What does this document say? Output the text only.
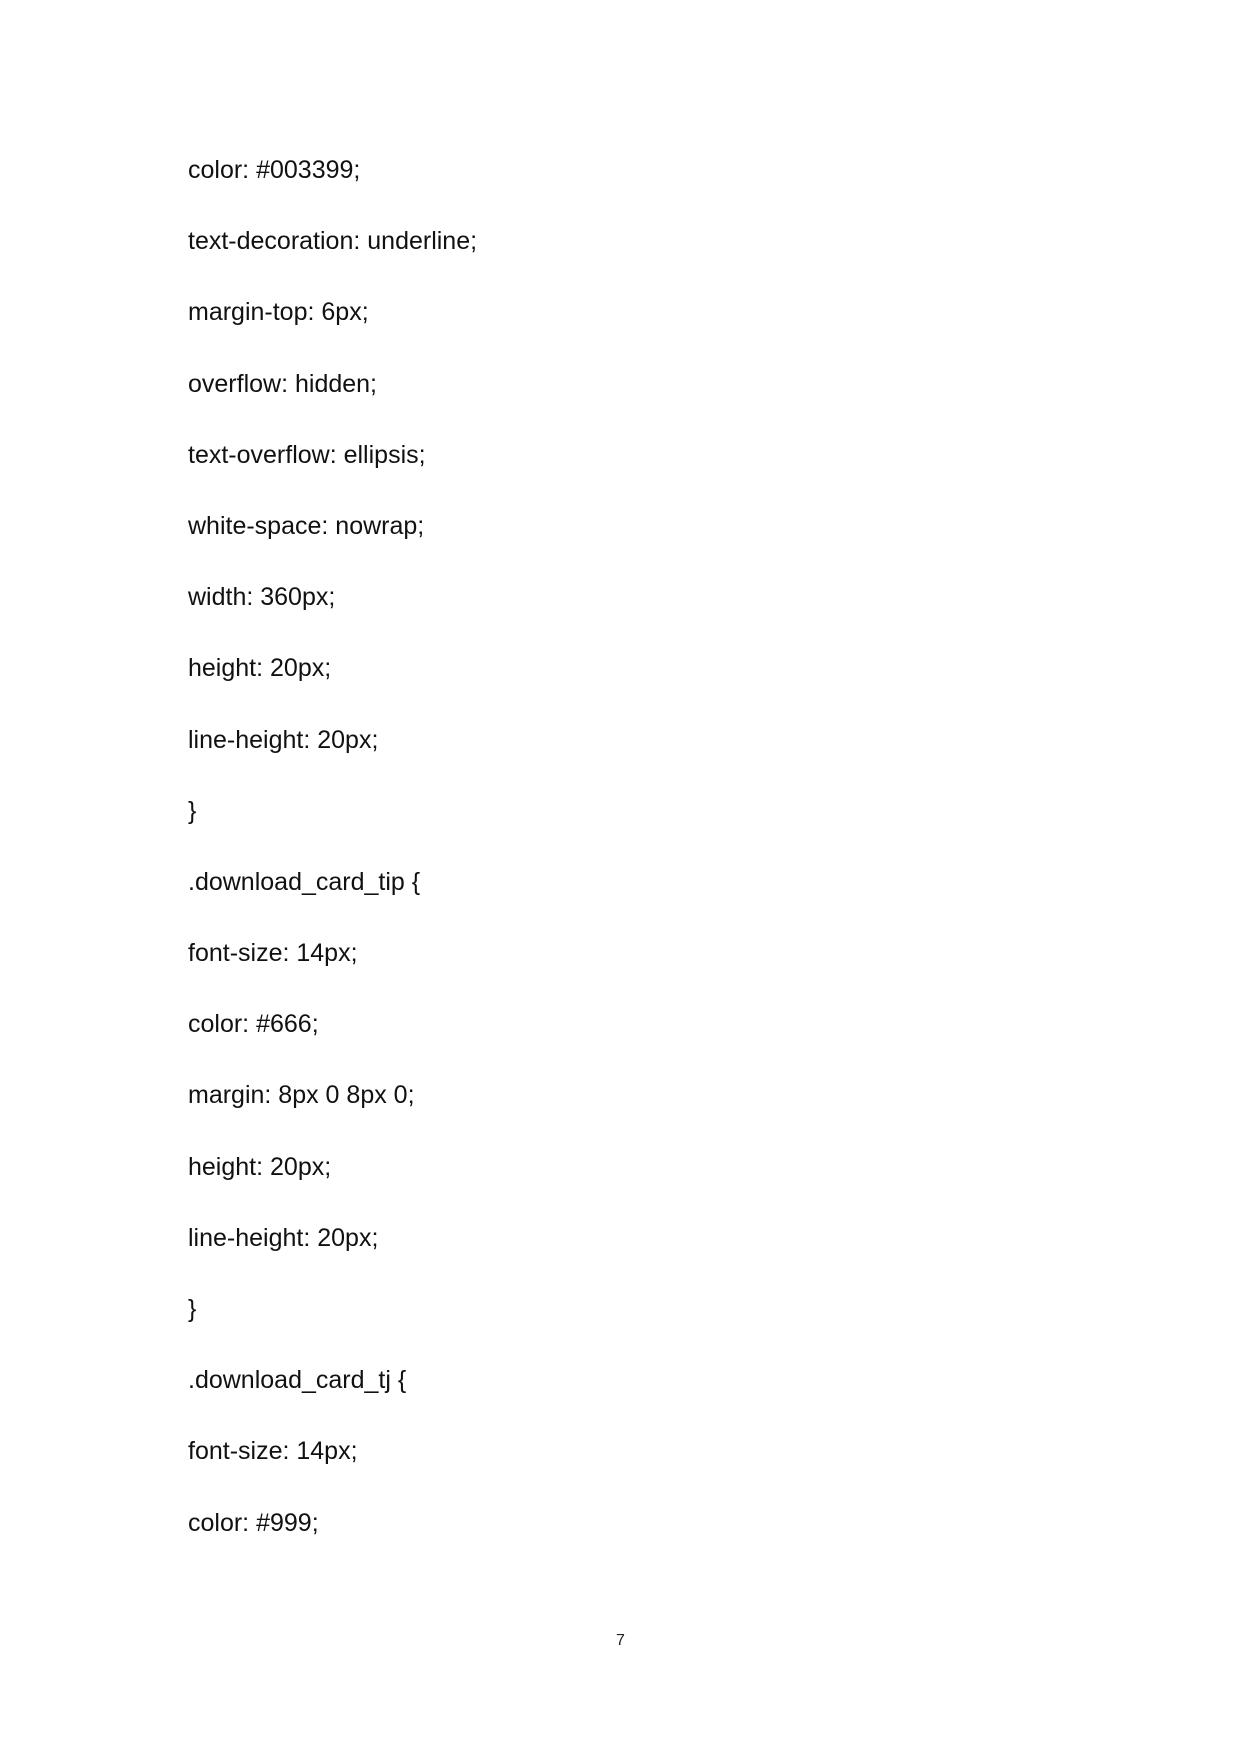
color: #003399;
text-decoration: underline;
margin-top: 6px;
overflow: hidden;
text-overflow: ellipsis;
white-space: nowrap;
width: 360px;
height: 20px;
line-height: 20px;
}
.download_card_tip {
font-size: 14px;
color: #666;
margin: 8px 0 8px 0;
height: 20px;
line-height: 20px;
}
.download_card_tj {
font-size: 14px;
color: #999;
7
